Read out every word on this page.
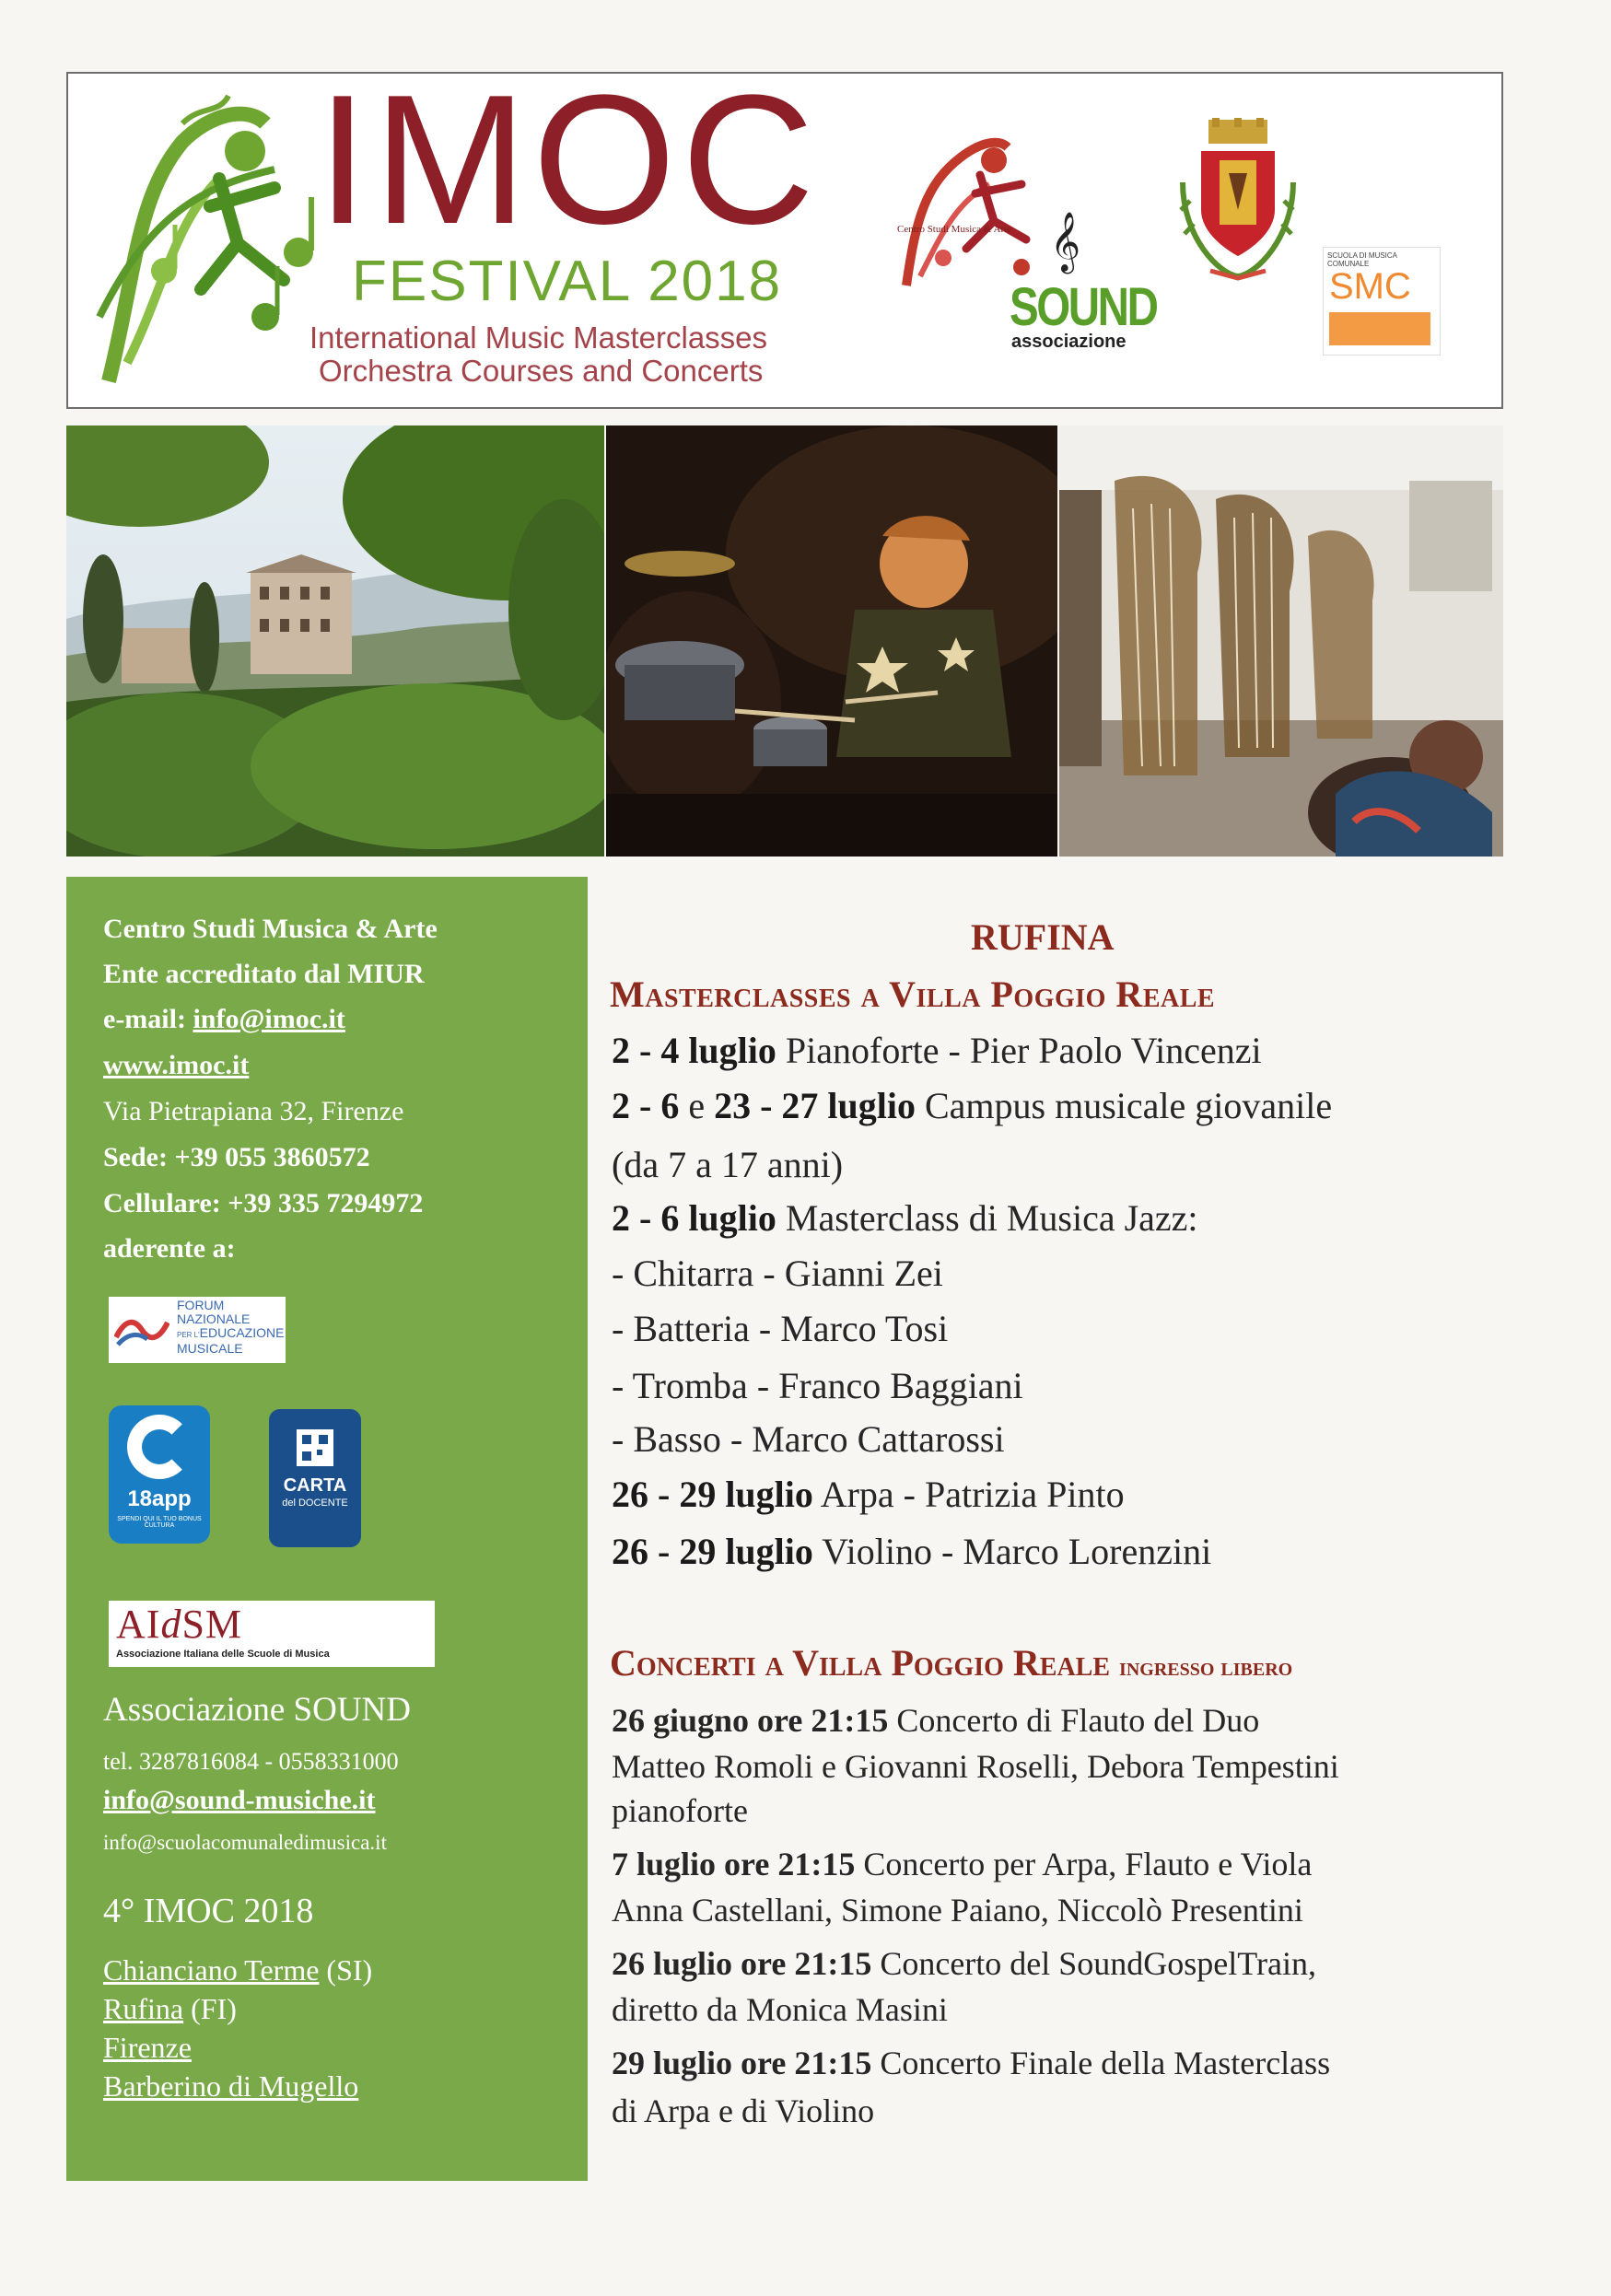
IMOC
FESTIVAL 2018
International Music Masterclasses
Orchestra Courses and Concerts
Centro Studi Musica & Arte 𝄞
SOUND
associazione
SCUOLA DI MUSICA COMUNALE
SMC
Centro Studi Musica & Arte
Ente accreditato dal MIUR
e-mail: info@imoc.it
www.imoc.it
Via Pietrapiana 32, Firenze
Sede: +39 055 3860572
Cellulare: +39 335 7294972
aderente a:
FORUM
NAZIONALE
PER L'EDUCAZIONE
MUSICALE
18app
SPENDI QUI IL TUO BONUS CULTURA
CARTA
del DOCENTE
AIdSM
Associazione Italiana delle Scuole di Musica
Associazione SOUND
tel. 3287816084 - 0558331000
info@sound-musiche.it
info@scuolacomunaledimusica.it
4° IMOC 2018
Chianciano Terme (SI)
Rufina (FI)
Firenze
Barberino di Mugello
RUFINA
Masterclasses a Villa Poggio Reale
2 - 4 luglio Pianoforte - Pier Paolo Vincenzi
2 - 6 e 23 - 27 luglio Campus musicale giovanile
(da 7 a 17 anni)
2 - 6 luglio Masterclass di Musica Jazz:
- Chitarra - Gianni Zei
- Batteria - Marco Tosi
- Tromba - Franco Baggiani
- Basso - Marco Cattarossi
26 - 29 luglio Arpa - Patrizia Pinto
26 - 29 luglio Violino - Marco Lorenzini
Concerti a Villa Poggio Reale ingresso libero
26 giugno ore 21:15 Concerto di Flauto del Duo
Matteo Romoli e Giovanni Roselli, Debora Tempestini
pianoforte
7 luglio ore 21:15 Concerto per Arpa, Flauto e Viola
Anna Castellani, Simone Paiano, Niccolò Presentini
26 luglio ore 21:15 Concerto del SoundGospelTrain,
diretto da Monica Masini
29 luglio ore 21:15 Concerto Finale della Masterclass
di Arpa e di Violino
